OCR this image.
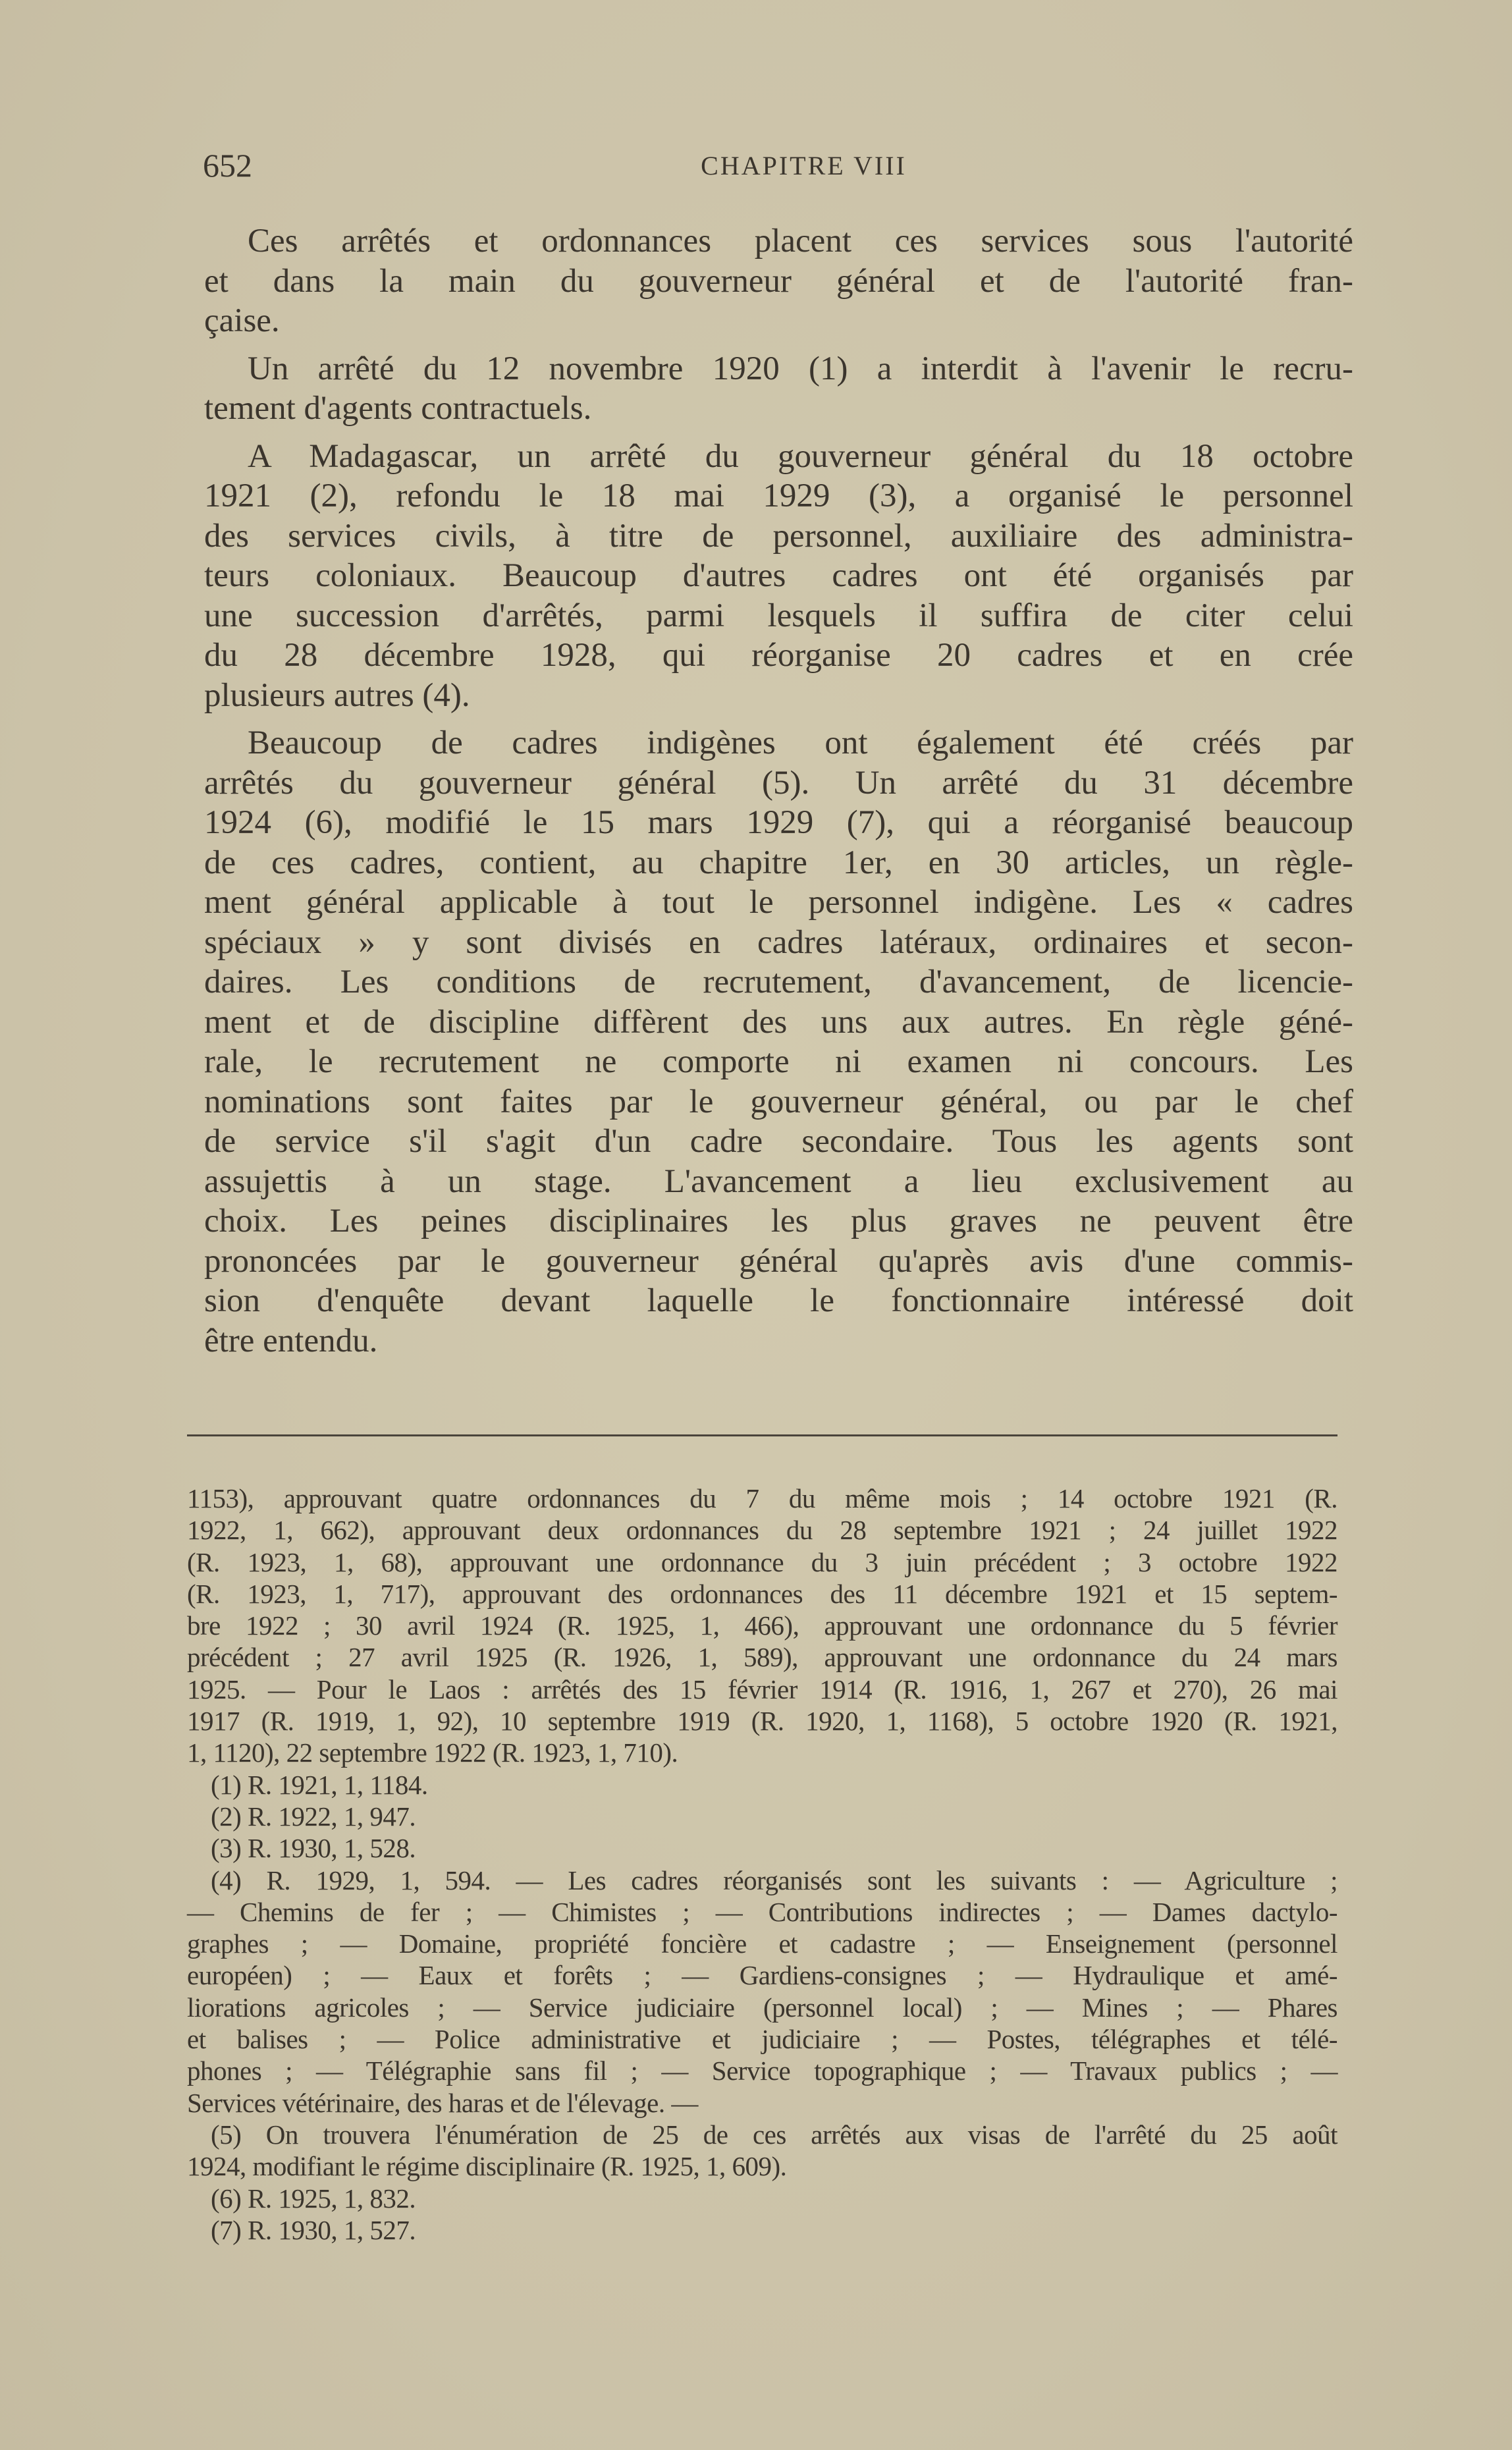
652	CHAPITRE VIII
Ces arrêtés et ordonnances placent ces services sous l'autorité
et dans la main du gouverneur général et de l'autorité fran-
çaise.
Un arrêté du 12 novembre 1920 (1) a interdit à l'avenir le recru-
tement d'agents contractuels.
A Madagascar, un arrêté du gouverneur général du 18 octobre
1921 (2), refondu le 18 mai 1929 (3), a organisé le personnel
des services civils, à titre de personnel, auxiliaire des administra-
teurs coloniaux. Beaucoup d'autres cadres ont été organisés par
une succession d'arrêtés, parmi lesquels il suffira de citer celui
du 28 décembre 1928, qui réorganise 20 cadres et en crée
plusieurs autres (4).
Beaucoup de cadres indigènes ont également été créés par
arrêtés du gouverneur général (5). Un arrêté du 31 décembre
1924 (6), modifié le 15 mars 1929 (7), qui a réorganisé beaucoup
de ces cadres, contient, au chapitre 1er, en 30 articles, un règle-
ment général applicable à tout le personnel indigène. Les « cadres
spéciaux » y sont divisés en cadres latéraux, ordinaires et secon-
daires. Les conditions de recrutement, d'avancement, de licencie-
ment et de discipline diffèrent des uns aux autres. En règle géné-
rale, le recrutement ne comporte ni examen ni concours. Les
nominations sont faites par le gouverneur général, ou par le chef
de service s'il s'agit d'un cadre secondaire. Tous les agents sont
assujettis à un stage. L'avancement a lieu exclusivement au
choix. Les peines disciplinaires les plus graves ne peuvent être
prononcées par le gouverneur général qu'après avis d'une commis-
sion d'enquête devant laquelle le fonctionnaire intéressé doit
être entendu.
1153), approuvant quatre ordonnances du 7 du même mois ; 14 octobre 1921 (R.
1922, 1, 662), approuvant deux ordonnances du 28 septembre 1921 ; 24 juillet 1922
(R. 1923, 1, 68), approuvant une ordonnance du 3 juin précédent ; 3 octobre 1922
(R. 1923, 1, 717), approuvant des ordonnances des 11 décembre 1921 et 15 septem-
bre 1922 ; 30 avril 1924 (R. 1925, 1, 466), approuvant une ordonnance du 5 février
précédent ; 27 avril 1925 (R. 1926, 1, 589), approuvant une ordonnance du 24 mars
1925. — Pour le Laos : arrêtés des 15 février 1914 (R. 1916, 1, 267 et 270), 26 mai
1917 (R. 1919, 1, 92), 10 septembre 1919 (R. 1920, 1, 1168), 5 octobre 1920 (R. 1921,
1, 1120), 22 septembre 1922 (R. 1923, 1, 710).
(1) R. 1921, 1, 1184.
(2) R. 1922, 1, 947.
(3) R. 1930, 1, 528.
(4) R. 1929, 1, 594. — Les cadres réorganisés sont les suivants : — Agriculture ;
— Chemins de fer ; — Chimistes ; — Contributions indirectes ; — Dames dactylo-
graphes ; — Domaine, propriété foncière et cadastre ; — Enseignement (personnel
européen) ; — Eaux et forêts ; — Gardiens-consignes ; — Hydraulique et amé-
liorations agricoles ; — Service judiciaire (personnel local) ; — Mines ; — Phares
et balises ; — Police administrative et judiciaire ; — Postes, télégraphes et télé-
phones ; — Télégraphie sans fil ; — Service topographique ; — Travaux publics ; —
Services vétérinaire, des haras et de l'élevage. —
(5) On trouvera l'énumération de 25 de ces arrêtés aux visas de l'arrêté du 25 août
1924, modifiant le régime disciplinaire (R. 1925, 1, 609).
(6) R. 1925, 1, 832.
(7) R. 1930, 1, 527.
